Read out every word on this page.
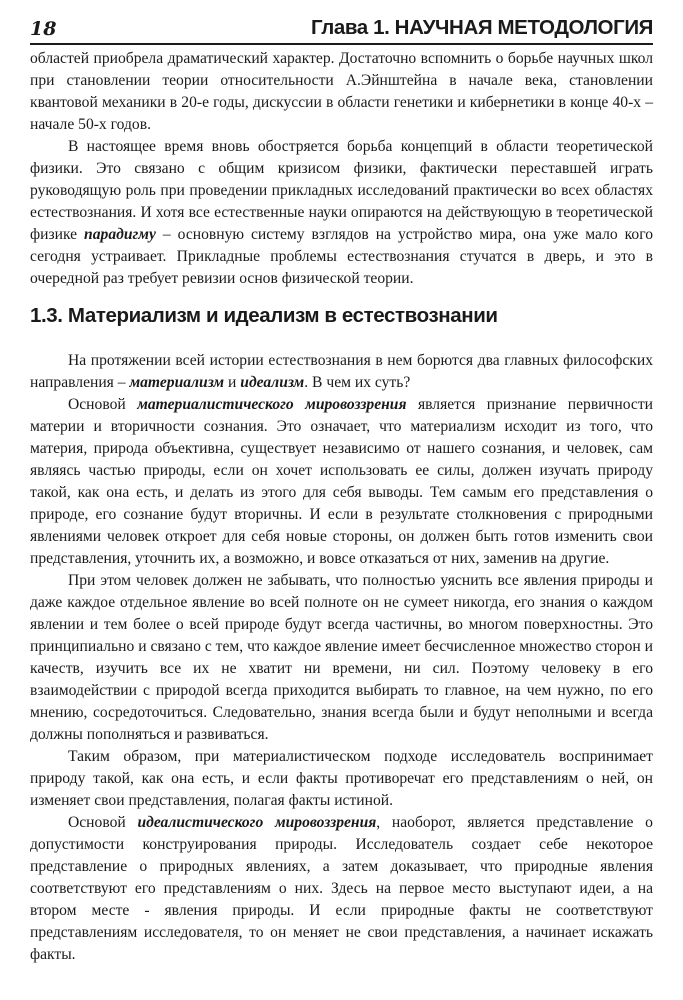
18	Глава 1. НАУЧНАЯ МЕТОДОЛОГИЯ

областей приобрела драматический характер. Достаточно вспомнить о борьбе научных школ при становлении теории относительности А.Эйнштейна в начале века, становлении квантовой механики в 20-е годы, дискуссии в области генетики и кибернетики в конце 40-х – начале 50-х годов.

В настоящее время вновь обостряется борьба концепций в области теоретической физики. Это связано с общим кризисом физики, фактически переставшей играть руководящую роль при проведении прикладных исследований практически во всех областях естествознания. И хотя все естественные науки опираются на действующую в теоретической физике парадигму – основную систему взглядов на устройство мира, она уже мало кого сегодня устраивает. Прикладные проблемы естествознания стучатся в дверь, и это в очередной раз требует ревизии основ физической теории.

1.3. Материализм и идеализм в естествознании

На протяжении всей истории естествознания в нем борются два главных философских направления – материализм и идеализм. В чем их суть?

Основой материалистического мировоззрения является признание первичности материи и вторичности сознания. Это означает, что материализм исходит из того, что материя, природа объективна, существует независимо от нашего сознания, и человек, сам являясь частью природы, если он хочет использовать ее силы, должен изучать природу такой, как она есть, и делать из этого для себя выводы. Тем самым его представления о природе, его сознание будут вторичны. И если в результате столкновения с природными явлениями человек откроет для себя новые стороны, он должен быть готов изменить свои представления, уточнить их, а возможно, и вовсе отказаться от них, заменив на другие.

При этом человек должен не забывать, что полностью уяснить все явления природы и даже каждое отдельное явление во всей полноте он не сумеет никогда, его знания о каждом явлении и тем более о всей природе будут всегда частичны, во многом поверхностны. Это принципиально и связано с тем, что каждое явление имеет бесчисленное множество сторон и качеств, изучить все их не хватит ни времени, ни сил. Поэтому человеку в его взаимодействии с природой всегда приходится выбирать то главное, на чем нужно, по его мнению, сосредоточиться. Следовательно, знания всегда были и будут неполными и всегда должны пополняться и развиваться.

Таким образом, при материалистическом подходе исследователь воспринимает природу такой, как она есть, и если факты противоречат его представлениям о ней, он изменяет свои представления, полагая факты истиной.

Основой идеалистического мировоззрения, наоборот, является представление о допустимости конструирования природы. Исследователь создает себе некоторое представление о природных явлениях, а затем доказывает, что природные явления соответствуют его представлениям о них. Здесь на первое место выступают идеи, а на втором месте - явления природы. И если природные факты не соответствуют представлениям исследователя, то он меняет не свои представления, а начинает искажать факты.
